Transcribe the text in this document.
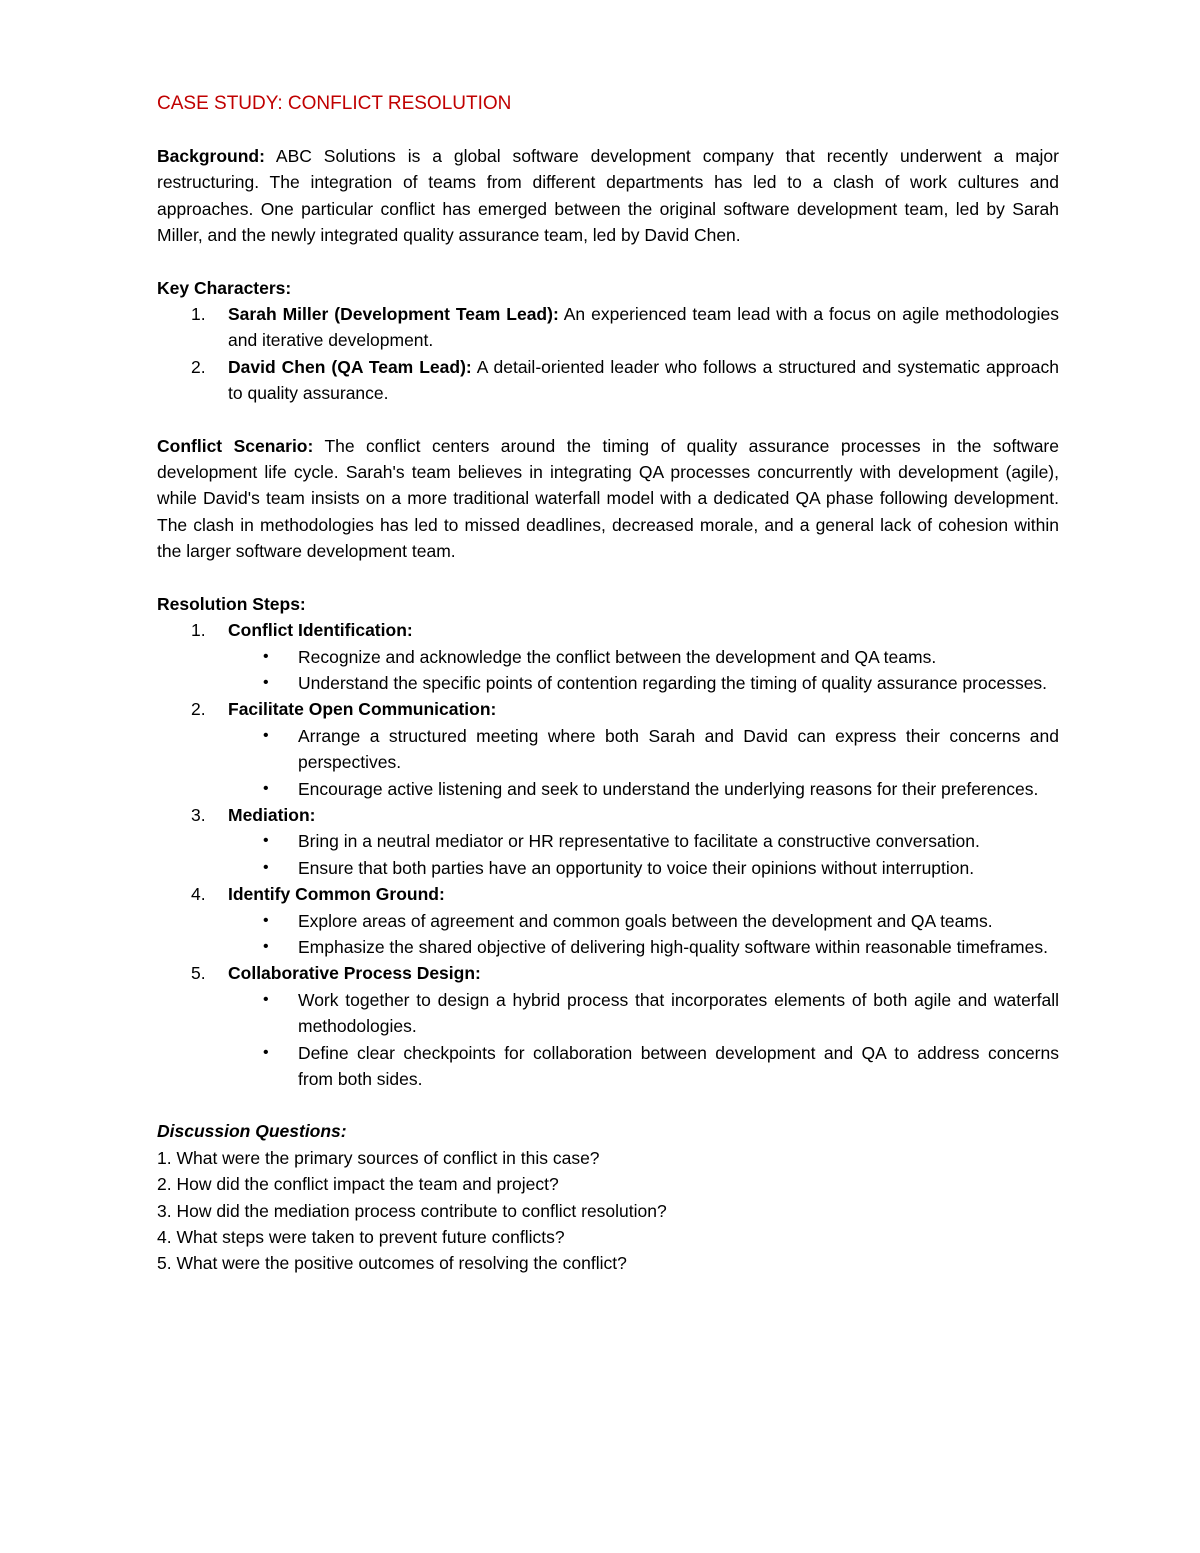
CASE STUDY: CONFLICT RESOLUTION

Background: ABC Solutions is a global software development company that recently underwent a major restructuring. The integration of teams from different departments has led to a clash of work cultures and approaches. One particular conflict has emerged between the original software development team, led by Sarah Miller, and the newly integrated quality assurance team, led by David Chen.

Key Characters:

1. Sarah Miller (Development Team Lead): An experienced team lead with a focus on agile methodologies and iterative development.
2. David Chen (QA Team Lead): A detail-oriented leader who follows a structured and systematic approach to quality assurance.

Conflict Scenario: The conflict centers around the timing of quality assurance processes in the software development life cycle. Sarah's team believes in integrating QA processes concurrently with development (agile), while David's team insists on a more traditional waterfall model with a dedicated QA phase following development. The clash in methodologies has led to missed deadlines, decreased morale, and a general lack of cohesion within the larger software development team.

Resolution Steps:

1. Conflict Identification:
• Recognize and acknowledge the conflict between the development and QA teams.
• Understand the specific points of contention regarding the timing of quality assurance processes.
2. Facilitate Open Communication:
• Arrange a structured meeting where both Sarah and David can express their concerns and perspectives.
• Encourage active listening and seek to understand the underlying reasons for their preferences.
3. Mediation:
• Bring in a neutral mediator or HR representative to facilitate a constructive conversation.
• Ensure that both parties have an opportunity to voice their opinions without interruption.
4. Identify Common Ground:
• Explore areas of agreement and common goals between the development and QA teams.
• Emphasize the shared objective of delivering high-quality software within reasonable timeframes.
5. Collaborative Process Design:
• Work together to design a hybrid process that incorporates elements of both agile and waterfall methodologies.
• Define clear checkpoints for collaboration between development and QA to address concerns from both sides.

Discussion Questions:

1. What were the primary sources of conflict in this case?

2. How did the conflict impact the team and project?

3. How did the mediation process contribute to conflict resolution?

4. What steps were taken to prevent future conflicts?

5. What were the positive outcomes of resolving the conflict?
